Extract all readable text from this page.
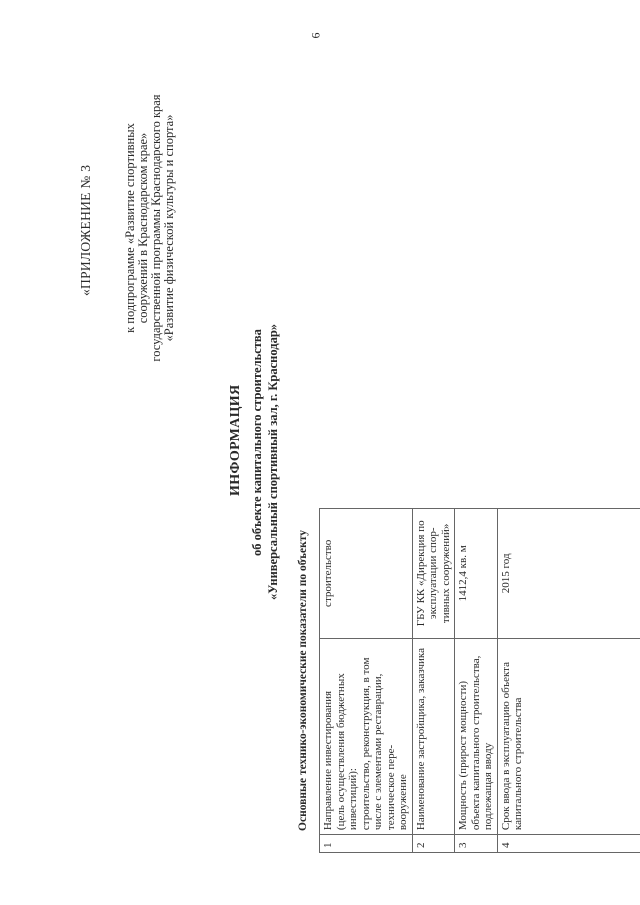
6
«ПРИЛОЖЕНИЕ № 3 к подпрограмме «Развитие спортивных сооружений в Краснодарском крае» государственной программы Краснодарского края «Развитие физической культуры и спорта»
ИНФОРМАЦИЯ об объекте капитального строительства «Универсальный спортивный зал, г. Краснодар»
Основные технико-экономические показатели по объекту		
1	Направление инвестирования (цель осуществления бюджетных инвестиций): строительство, реконструкция, в том числе с элементами реставрации, техническое пере- вооружение	строительство
2	Наименование застройщика, заказчика	ГБУ КК «Дирекция по эксплуатации спор- тивных сооружений»
3	Мощность (прирост мощности) объекта капитального строительства, подлежащая вводу	1412,4 кв. м
4	Срок ввода в эксплуатацию объекта капитального строительства	2015 год
